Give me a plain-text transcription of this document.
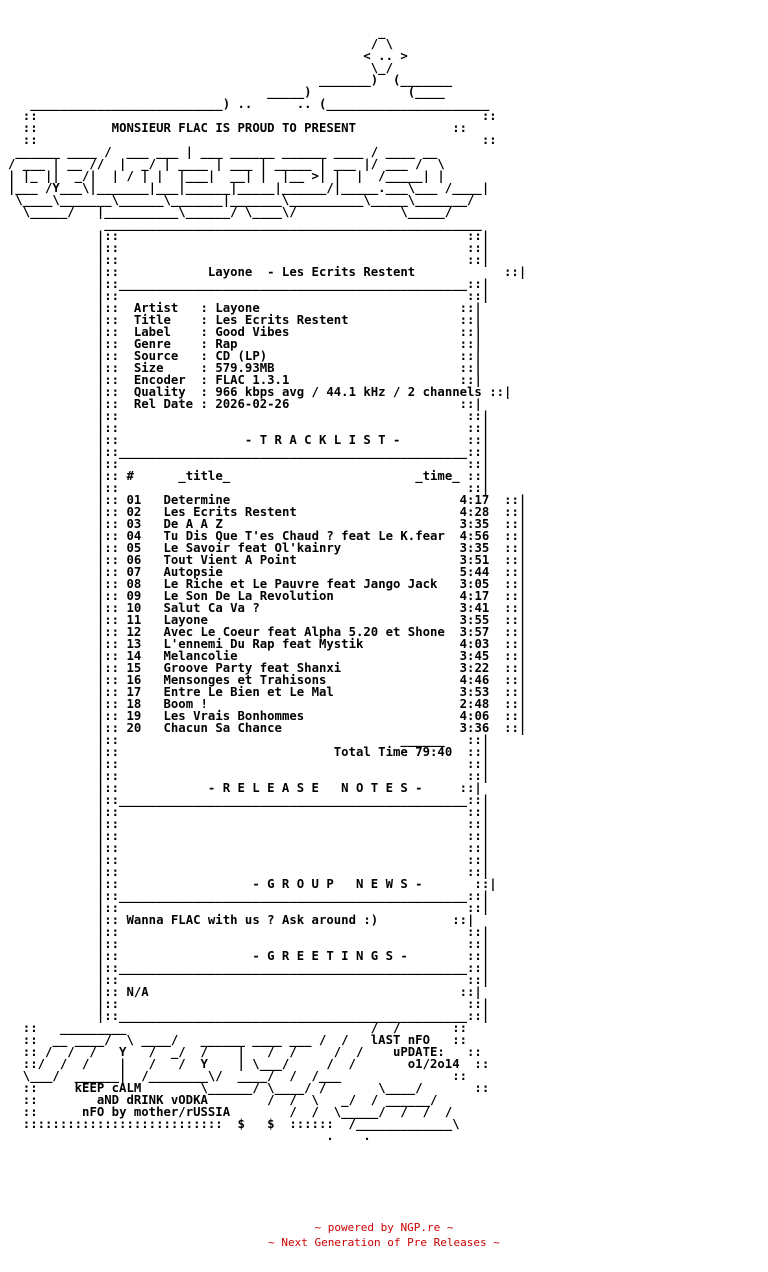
_
/ \
< .. >
\_/
_______)  (_______
_____)             (____
__________________________) ..      .. (______________________
::                                                            ::
::	MONSIEUR FLAC IS PROUD TO PRESENT	::
::                                                            ::
______ ____ /  ___ ___ | ___ ______ ______ ____ / ____ __
/ ___ | __ //  |  _/ | ____ | ___ | _____ | ___ |/ ___ /  \
| |_ ||  _/|  | / | |  |___|  __| |  |__ >| |  |  /_____| |
|___ /Y___\|_______|___|______|_____|______/|_____.___\___ /____|
\____\_______\______\_______|_______\__________\_____\_______/
\_____/   |__________\______/ \____\/              \_____/
___________________________________________________
|::                                               ::|
|::                                               ::|
|::                                               ::|
|::	Layone  - Les Ecrits Restent	::|
|::_______________________________________________::|
|::                                               ::|
|::  Artist   : Layone	::|
|::  Title    : Les Ecrits Restent	::|
|::  Label    : Good Vibes	::|
|::  Genre    : Rap	::|
|::  Source   : CD (LP)	::|
|::  Size     : 579.93MB	::|
|::  Encoder  : FLAC 1.3.1	::|
|::  Quality  : 966 kbps avg / 44.1 kHz / 2 channels ::|
|::  Rel Date : 2026-02-26	::|
|::                                               ::|
|::                                               ::|
|::	- T R A C K L I S T -	::|
|::_______________________________________________::|
|::                                               ::|
|:: #	_title_	_time_ ::|
|::                                               ::|
|:: 01 Determine	4:17  ::|
|:: 02 Les Ecrits Restent	4:28  ::|
|:: 03 De A A Z	3:35  ::|
|:: 04 Tu Dis Que T'es Chaud ? feat Le K.fear 4:56  ::|
|:: 05 Le Savoir feat Ol'kainry	3:35  ::|
|:: 06 Tout Vient A Point	3:51  ::|
|:: 07 Autopsie	5:44  ::|
|:: 08 Le Riche et Le Pauvre feat Jango Jack 3:05  ::|
|:: 09 Le Son De La Revolution	4:17  ::|
|:: 10 Salut Ca Va ?	3:41  ::|
|:: 11 Layone	3:55  ::|
|:: 12 Avec Le Coeur feat Alpha 5.20 et Shone 3:57  ::|
|:: 13 L'ennemi Du Rap feat Mystik	4:03  ::|
|:: 14 Melancolie	3:45  ::|
|:: 15 Groove Party feat Shanxi	3:22  ::|
|:: 16 Mensonges et Trahisons	4:46  ::|
|:: 17 Entre Le Bien et Le Mal	3:53  ::|
|:: 18 Boom !	2:48  ::|
|:: 19 Les Vrais Bonhommes	4:06  ::|
|:: 20 Chacun Sa Chance	3:36  ::|
|::                                      ______   ::|
|::	Total Time 79:40  ::|
|::                                               ::|
|::                                               ::|
|::	- R E L E A S E   N O T E S -	::|
|::_______________________________________________::|
|::                                               ::|
|::                                               ::|
|::                                               ::|
|::                                               ::|
|::                                               ::|
|::                                               ::|
|::	- G R O U P   N E W S -	::|
|::_______________________________________________::|
|::                                               ::|
|:: Wanna FLAC with us ? Ask around :)	::|
|::                                               ::|
|::                                               ::|
|::	- G R E E T I N G S -	::|
|::_______________________________________________::|
|::                                               ::|
|:: N/A	::|
|::                                               ::|
|::_______________________________________________::|
::   _________                                 /  /       ::
::  __ ____/  \ ____/   ______ ____ ___ /  /   lAST nFO   ::
:: /  /  /   Y   /  _/  /    |   /  /     /  /    uPDATE:   ::
::/  /  /    |   /   /  Y    | \___/     /  /       o1/2o14  ::
\___/  ______|  /________\/  ____/  /  /___               ::
::	kEEP cALM	\______/ \____/ /       \____/       ::
::	aND dRINK vODKA	/  /  \   _/  / ______/
::	nFO by mother/rUSSIA	/  /  \_____/  /  /  /
:::::::::::::::::::::::::::  $   $  ::::::  /_____________\
.    .
~ powered by NGP.re ~
~ Next Generation of Pre Releases ~
